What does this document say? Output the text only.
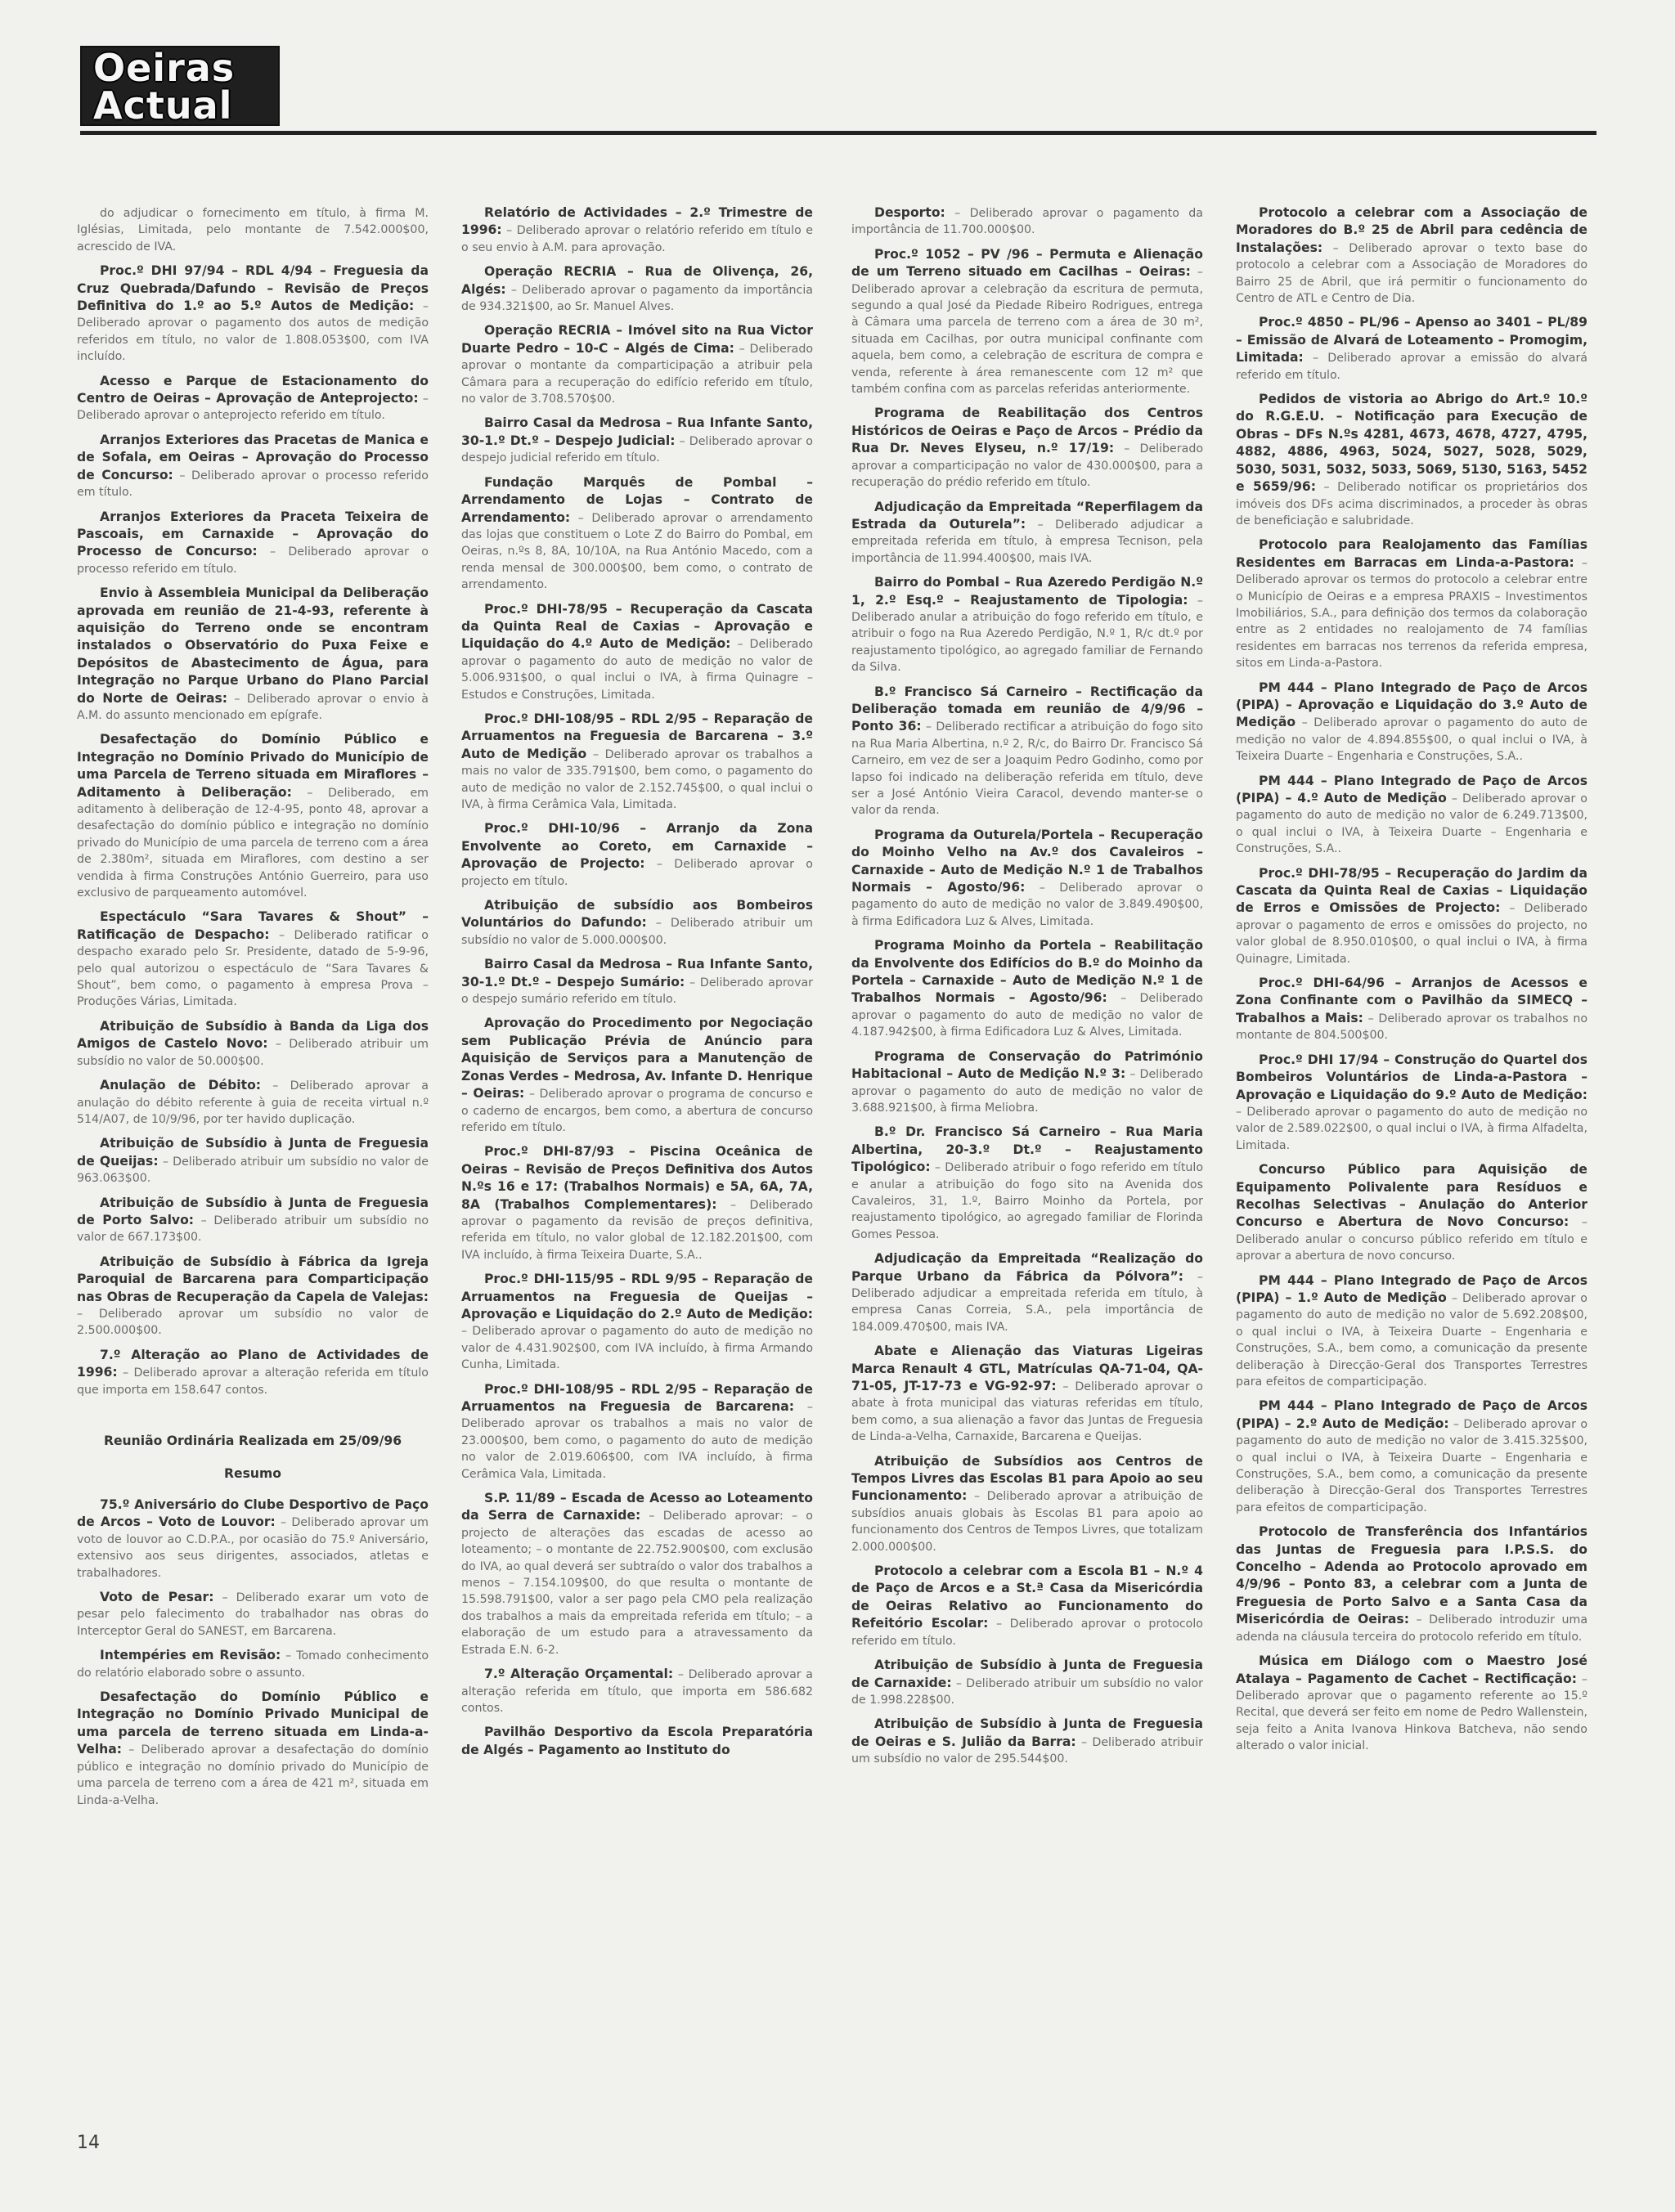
Oeiras
Actual
do adjudicar o fornecimento em título, à firma M. Iglésias, Limitada, pelo montante de 7.542.000$00, acrescido de IVA.
Proc.º DHI 97/94 – RDL 4/94 – Freguesia da Cruz Quebrada/Dafundo – Revisão de Preços Definitiva do 1.º ao 5.º Autos de Medição: – Deliberado aprovar o pagamento dos autos de medição referidos em título, no valor de 1.808.053$00, com IVA incluído.
Acesso e Parque de Estacionamento do Centro de Oeiras – Aprovação de Anteprojecto: – Deliberado aprovar o anteprojecto referido em título.
Arranjos Exteriores das Pracetas de Manica e de Sofala, em Oeiras – Aprovação do Processo de Concurso: – Deliberado aprovar o processo referido em título.
Arranjos Exteriores da Praceta Teixeira de Pascoais, em Carnaxide – Aprovação do Processo de Concurso: – Deliberado aprovar o processo referido em título.
Envio à Assembleia Municipal da Deliberação aprovada em reunião de 21-4-93, referente à aquisição do Terreno onde se encontram instalados o Observatório do Puxa Feixe e Depósitos de Abastecimento de Água, para Integração no Parque Urbano do Plano Parcial do Norte de Oeiras: – Deliberado aprovar o envio à A.M. do assunto mencionado em epígrafe.
Desafectação do Domínio Público e Integração no Domínio Privado do Município de uma Parcela de Terreno situada em Miraflores – Aditamento à Deliberação: – Deliberado, em aditamento à deliberação de 12-4-95, ponto 48, aprovar a desafectação do domínio público e integração no domínio privado do Município de uma parcela de terreno com a área de 2.380m², situada em Miraflores, com destino a ser vendida à firma Construções António Guerreiro, para uso exclusivo de parqueamento automóvel.
Espectáculo “Sara Tavares & Shout” – Ratificação de Despacho: – Deliberado ratificar o despacho exarado pelo Sr. Presidente, datado de 5-9-96, pelo qual autorizou o espectáculo de “Sara Tavares & Shout”, bem como, o pagamento à empresa Prova – Produções Várias, Limitada.
Atribuição de Subsídio à Banda da Liga dos Amigos de Castelo Novo: – Deliberado atribuir um subsídio no valor de 50.000$00.
Anulação de Débito: – Deliberado aprovar a anulação do débito referente à guia de receita virtual n.º 514/A07, de 10/9/96, por ter havido duplicação.
Atribuição de Subsídio à Junta de Freguesia de Queijas: – Deliberado atribuir um subsídio no valor de 963.063$00.
Atribuição de Subsídio à Junta de Freguesia de Porto Salvo: – Deliberado atribuir um subsídio no valor de 667.173$00.
Atribuição de Subsídio à Fábrica da Igreja Paroquial de Barcarena para Comparticipação nas Obras de Recuperação da Capela de Valejas: – Deliberado aprovar um subsídio no valor de 2.500.000$00.
7.º Alteração ao Plano de Actividades de 1996: – Deliberado aprovar a alteração referida em título que importa em 158.647 contos.
Reunião Ordinária Realizada em 25/09/96
Resumo
75.º Aniversário do Clube Desportivo de Paço de Arcos – Voto de Louvor: – Deliberado aprovar um voto de louvor ao C.D.P.A., por ocasião do 75.º Aniversário, extensivo aos seus dirigentes, associados, atletas e trabalhadores.
Voto de Pesar: – Deliberado exarar um voto de pesar pelo falecimento do trabalhador nas obras do Interceptor Geral do SANEST, em Barcarena.
Intempéries em Revisão: – Tomado conhecimento do relatório elaborado sobre o assunto.
Desafectação do Domínio Público e Integração no Domínio Privado Municipal de uma parcela de terreno situada em Linda-a-Velha: – Deliberado aprovar a desafectação do domínio público e integração no domínio privado do Município de uma parcela de terreno com a área de 421 m², situada em Linda-a-Velha.
Relatório de Actividades – 2.º Trimestre de 1996: – Deliberado aprovar o relatório referido em título e o seu envio à A.M. para aprovação.
Operação RECRIA – Rua de Olivença, 26, Algés: – Deliberado aprovar o pagamento da importância de 934.321$00, ao Sr. Manuel Alves.
Operação RECRIA – Imóvel sito na Rua Victor Duarte Pedro – 10-C – Algés de Cima: – Deliberado aprovar o montante da comparticipação a atribuir pela Câmara para a recuperação do edifício referido em título, no valor de 3.708.570$00.
Bairro Casal da Medrosa – Rua Infante Santo, 30-1.º Dt.º – Despejo Judicial: – Deliberado aprovar o despejo judicial referido em título.
Fundação Marquês de Pombal – Arrendamento de Lojas – Contrato de Arrendamento: – Deliberado aprovar o arrendamento das lojas que constituem o Lote Z do Bairro do Pombal, em Oeiras, n.ºs 8, 8A, 10/10A, na Rua António Macedo, com a renda mensal de 300.000$00, bem como, o contrato de arrendamento.
Proc.º DHI-78/95 – Recuperação da Cascata da Quinta Real de Caxias – Aprovação e Liquidação do 4.º Auto de Medição: – Deliberado aprovar o pagamento do auto de medição no valor de 5.006.931$00, o qual inclui o IVA, à firma Quinagre – Estudos e Construções, Limitada.
Proc.º DHI-108/95 – RDL 2/95 – Reparação de Arruamentos na Freguesia de Barcarena – 3.º Auto de Medição – Deliberado aprovar os trabalhos a mais no valor de 335.791$00, bem como, o pagamento do auto de medição no valor de 2.152.745$00, o qual inclui o IVA, à firma Cerâmica Vala, Limitada.
Proc.º DHI-10/96 – Arranjo da Zona Envolvente ao Coreto, em Carnaxide – Aprovação de Projecto: – Deliberado aprovar o projecto em título.
Atribuição de subsídio aos Bombeiros Voluntários do Dafundo: – Deliberado atribuir um subsídio no valor de 5.000.000$00.
Bairro Casal da Medrosa – Rua Infante Santo, 30-1.º Dt.º – Despejo Sumário: – Deliberado aprovar o despejo sumário referido em título.
Aprovação do Procedimento por Negociação sem Publicação Prévia de Anúncio para Aquisição de Serviços para a Manutenção de Zonas Verdes – Medrosa, Av. Infante D. Henrique – Oeiras: – Deliberado aprovar o programa de concurso e o caderno de encargos, bem como, a abertura de concurso referido em título.
Proc.º DHI-87/93 – Piscina Oceânica de Oeiras – Revisão de Preços Definitiva dos Autos N.ºs 16 e 17: (Trabalhos Normais) e 5A, 6A, 7A, 8A (Trabalhos Complementares): – Deliberado aprovar o pagamento da revisão de preços definitiva, referida em título, no valor global de 12.182.201$00, com IVA incluído, à firma Teixeira Duarte, S.A..
Proc.º DHI-115/95 – RDL 9/95 – Reparação de Arruamentos na Freguesia de Queijas – Aprovação e Liquidação do 2.º Auto de Medição: – Deliberado aprovar o pagamento do auto de medição no valor de 4.431.902$00, com IVA incluído, à firma Armando Cunha, Limitada.
Proc.º DHI-108/95 – RDL 2/95 – Reparação de Arruamentos na Freguesia de Barcarena: – Deliberado aprovar os trabalhos a mais no valor de 23.000$00, bem como, o pagamento do auto de medição no valor de 2.019.606$00, com IVA incluído, à firma Cerâmica Vala, Limitada.
S.P. 11/89 – Escada de Acesso ao Loteamento da Serra de Carnaxide: – Deliberado aprovar: – o projecto de alterações das escadas de acesso ao loteamento; – o montante de 22.752.900$00, com exclusão do IVA, ao qual deverá ser subtraído o valor dos trabalhos a menos – 7.154.109$00, do que resulta o montante de 15.598.791$00, valor a ser pago pela CMO pela realização dos trabalhos a mais da empreitada referida em título; – a elaboração de um estudo para a atravessamento da Estrada E.N. 6-2.
7.º Alteração Orçamental: – Deliberado aprovar a alteração referida em título, que importa em 586.682 contos.
Pavilhão Desportivo da Escola Preparatória de Algés – Pagamento ao Instituto do
Desporto: – Deliberado aprovar o pagamento da importância de 11.700.000$00.
Proc.º 1052 – PV /96 – Permuta e Alienação de um Terreno situado em Cacilhas – Oeiras: – Deliberado aprovar a celebração da escritura de permuta, segundo a qual José da Piedade Ribeiro Rodrigues, entrega à Câmara uma parcela de terreno com a área de 30 m², situada em Cacilhas, por outra municipal confinante com aquela, bem como, a celebração de escritura de compra e venda, referente à área remanescente com 12 m² que também confina com as parcelas referidas anteriormente.
Programa de Reabilitação dos Centros Históricos de Oeiras e Paço de Arcos – Prédio da Rua Dr. Neves Elyseu, n.º 17/19: – Deliberado aprovar a comparticipação no valor de 430.000$00, para a recuperação do prédio referido em título.
Adjudicação da Empreitada “Reperfilagem da Estrada da Outurela”: – Deliberado adjudicar a empreitada referida em título, à empresa Tecnison, pela importância de 11.994.400$00, mais IVA.
Bairro do Pombal – Rua Azeredo Perdigão N.º 1, 2.º Esq.º – Reajustamento de Tipologia: – Deliberado anular a atribuição do fogo referido em título, e atribuir o fogo na Rua Azeredo Perdigão, N.º 1, R/c dt.º por reajustamento tipológico, ao agregado familiar de Fernando da Silva.
B.º Francisco Sá Carneiro – Rectificação da Deliberação tomada em reunião de 4/9/96 – Ponto 36: – Deliberado rectificar a atribuição do fogo sito na Rua Maria Albertina, n.º 2, R/c, do Bairro Dr. Francisco Sá Carneiro, em vez de ser a Joaquim Pedro Godinho, como por lapso foi indicado na deliberação referida em título, deve ser a José António Vieira Caracol, devendo manter-se o valor da renda.
Programa da Outurela/Portela – Recuperação do Moinho Velho na Av.º dos Cavaleiros – Carnaxide – Auto de Medição N.º 1 de Trabalhos Normais – Agosto/96: – Deliberado aprovar o pagamento do auto de medição no valor de 3.849.490$00, à firma Edificadora Luz & Alves, Limitada.
Programa Moinho da Portela – Reabilitação da Envolvente dos Edifícios do B.º do Moinho da Portela – Carnaxide – Auto de Medição N.º 1 de Trabalhos Normais – Agosto/96: – Deliberado aprovar o pagamento do auto de medição no valor de 4.187.942$00, à firma Edificadora Luz & Alves, Limitada.
Programa de Conservação do Património Habitacional – Auto de Medição N.º 3: – Deliberado aprovar o pagamento do auto de medição no valor de 3.688.921$00, à firma Meliobra.
B.º Dr. Francisco Sá Carneiro – Rua Maria Albertina, 20-3.º Dt.º – Reajustamento Tipológico: – Deliberado atribuir o fogo referido em título e anular a atribuição do fogo sito na Avenida dos Cavaleiros, 31, 1.º, Bairro Moinho da Portela, por reajustamento tipológico, ao agregado familiar de Florinda Gomes Pessoa.
Adjudicação da Empreitada “Realização do Parque Urbano da Fábrica da Pólvora”: – Deliberado adjudicar a empreitada referida em título, à empresa Canas Correia, S.A., pela importância de 184.009.470$00, mais IVA.
Abate e Alienação das Viaturas Ligeiras Marca Renault 4 GTL, Matrículas QA-71-04, QA-71-05, JT-17-73 e VG-92-97: – Deliberado aprovar o abate à frota municipal das viaturas referidas em título, bem como, a sua alienação a favor das Juntas de Freguesia de Linda-a-Velha, Carnaxide, Barcarena e Queijas.
Atribuição de Subsídios aos Centros de Tempos Livres das Escolas B1 para Apoio ao seu Funcionamento: – Deliberado aprovar a atribuição de subsídios anuais globais às Escolas B1 para apoio ao funcionamento dos Centros de Tempos Livres, que totalizam 2.000.000$00.
Protocolo a celebrar com a Escola B1 – N.º 4 de Paço de Arcos e a St.ª Casa da Misericórdia de Oeiras Relativo ao Funcionamento do Refeitório Escolar: – Deliberado aprovar o protocolo referido em título.
Atribuição de Subsídio à Junta de Freguesia de Carnaxide: – Deliberado atribuir um subsídio no valor de 1.998.228$00.
Atribuição de Subsídio à Junta de Freguesia de Oeiras e S. Julião da Barra: – Deliberado atribuir um subsídio no valor de 295.544$00.
Protocolo a celebrar com a Associação de Moradores do B.º 25 de Abril para cedência de Instalações: – Deliberado aprovar o texto base do protocolo a celebrar com a Associação de Moradores do Bairro 25 de Abril, que irá permitir o funcionamento do Centro de ATL e Centro de Dia.
Proc.º 4850 – PL/96 – Apenso ao 3401 – PL/89 – Emissão de Alvará de Loteamento – Promogim, Limitada: – Deliberado aprovar a emissão do alvará referido em título.
Pedidos de vistoria ao Abrigo do Art.º 10.º do R.G.E.U. – Notificação para Execução de Obras – DFs N.ºs 4281, 4673, 4678, 4727, 4795, 4882, 4886, 4963, 5024, 5027, 5028, 5029, 5030, 5031, 5032, 5033, 5069, 5130, 5163, 5452 e 5659/96: – Deliberado notificar os proprietários dos imóveis dos DFs acima discriminados, a proceder às obras de beneficiação e salubridade.
Protocolo para Realojamento das Famílias Residentes em Barracas em Linda-a-Pastora: – Deliberado aprovar os termos do protocolo a celebrar entre o Município de Oeiras e a empresa PRAXIS – Investimentos Imobiliários, S.A., para definição dos termos da colaboração entre as 2 entidades no realojamento de 74 famílias residentes em barracas nos terrenos da referida empresa, sitos em Linda-a-Pastora.
PM 444 – Plano Integrado de Paço de Arcos (PIPA) – Aprovação e Liquidação do 3.º Auto de Medição – Deliberado aprovar o pagamento do auto de medição no valor de 4.894.855$00, o qual inclui o IVA, à Teixeira Duarte – Engenharia e Construções, S.A..
PM 444 – Plano Integrado de Paço de Arcos (PIPA) – 4.º Auto de Medição – Deliberado aprovar o pagamento do auto de medição no valor de 6.249.713$00, o qual inclui o IVA, à Teixeira Duarte – Engenharia e Construções, S.A..
Proc.º DHI-78/95 – Recuperação do Jardim da Cascata da Quinta Real de Caxias – Liquidação de Erros e Omissões de Projecto: – Deliberado aprovar o pagamento de erros e omissões do projecto, no valor global de 8.950.010$00, o qual inclui o IVA, à firma Quinagre, Limitada.
Proc.º DHI-64/96 – Arranjos de Acessos e Zona Confinante com o Pavilhão da SIMECQ – Trabalhos a Mais: – Deliberado aprovar os trabalhos no montante de 804.500$00.
Proc.º DHI 17/94 – Construção do Quartel dos Bombeiros Voluntários de Linda-a-Pastora – Aprovação e Liquidação do 9.º Auto de Medição: – Deliberado aprovar o pagamento do auto de medição no valor de 2.589.022$00, o qual inclui o IVA, à firma Alfadelta, Limitada.
Concurso Público para Aquisição de Equipamento Polivalente para Resíduos e Recolhas Selectivas – Anulação do Anterior Concurso e Abertura de Novo Concurso: – Deliberado anular o concurso público referido em título e aprovar a abertura de novo concurso.
PM 444 – Plano Integrado de Paço de Arcos (PIPA) – 1.º Auto de Medição – Deliberado aprovar o pagamento do auto de medição no valor de 5.692.208$00, o qual inclui o IVA, à Teixeira Duarte – Engenharia e Construções, S.A., bem como, a comunicação da presente deliberação à Direcção-Geral dos Transportes Terrestres para efeitos de comparticipação.
PM 444 – Plano Integrado de Paço de Arcos (PIPA) – 2.º Auto de Medição: – Deliberado aprovar o pagamento do auto de medição no valor de 3.415.325$00, o qual inclui o IVA, à Teixeira Duarte – Engenharia e Construções, S.A., bem como, a comunicação da presente deliberação à Direcção-Geral dos Transportes Terrestres para efeitos de comparticipação.
Protocolo de Transferência dos Infantários das Juntas de Freguesia para I.P.S.S. do Concelho – Adenda ao Protocolo aprovado em 4/9/96 – Ponto 83, a celebrar com a Junta de Freguesia de Porto Salvo e a Santa Casa da Misericórdia de Oeiras: – Deliberado introduzir uma adenda na cláusula terceira do protocolo referido em título.
Música em Diálogo com o Maestro José Atalaya – Pagamento de Cachet – Rectificação: – Deliberado aprovar que o pagamento referente ao 15.º Recital, que deverá ser feito em nome de Pedro Wallenstein, seja feito a Anita Ivanova Hinkova Batcheva, não sendo alterado o valor inicial.
14
